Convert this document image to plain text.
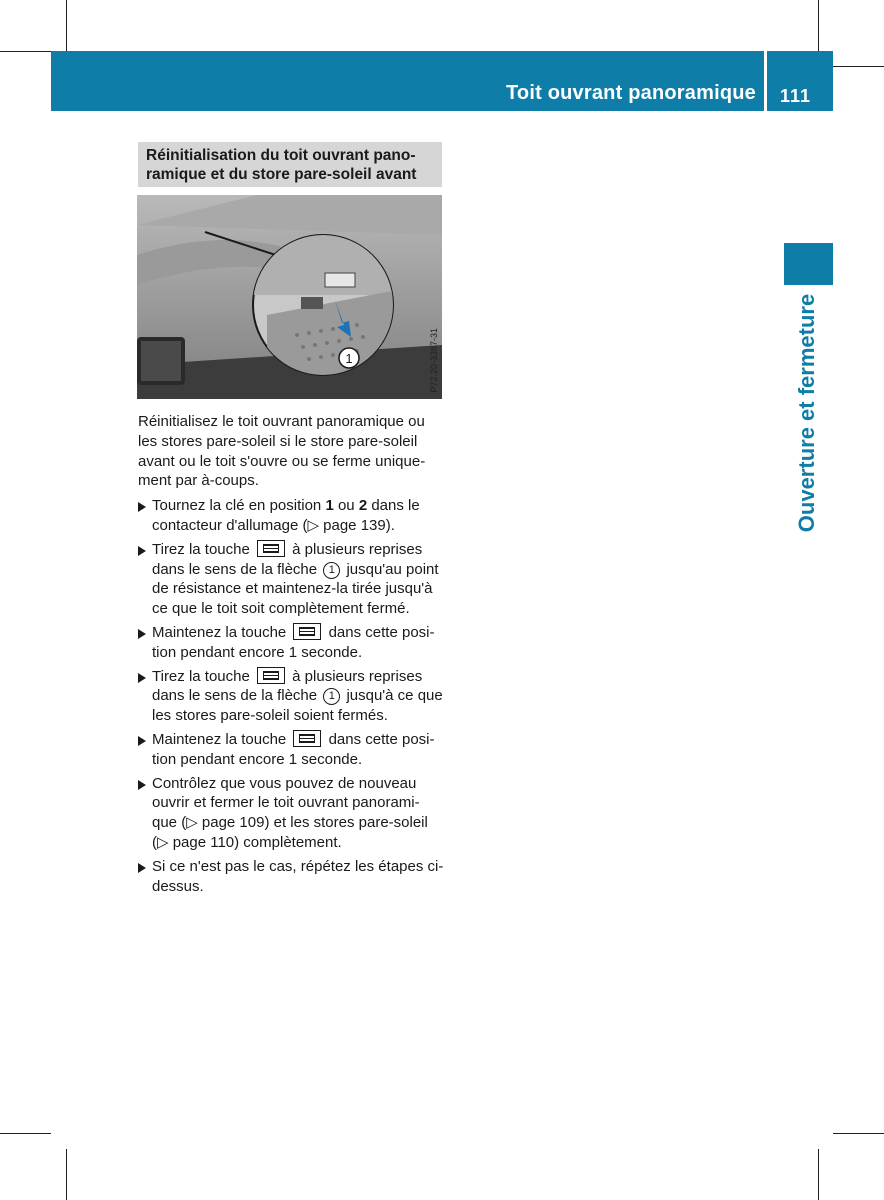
Toit ouvrant panoramique 111
Ouverture et fermeture
Réinitialisation du toit ouvrant pano-ramique et du store pare-soleil avant
1	P72.20-3387-31

Réinitialisez le toit ouvrant panoramique ou les stores pare-soleil si le store pare-soleil avant ou le toit s'ouvre ou se ferme unique-ment par à-coups.

Tournez la clé en position 1 ou 2 dans le contacteur d'allumage (▷ page 139).
Tirez la touche  à plusieurs reprises dans le sens de la flèche 1 jusqu'au point de résistance et maintenez-la tirée jusqu'à ce que le toit soit complètement fermé.
Maintenez la touche  dans cette posi-tion pendant encore 1 seconde.
Tirez la touche  à plusieurs reprises dans le sens de la flèche 1 jusqu'à ce que les stores pare-soleil soient fermés.
Maintenez la touche  dans cette posi-tion pendant encore 1 seconde.
Contrôlez que vous pouvez de nouveau ouvrir et fermer le toit ouvrant panorami-que (▷ page 109) et les stores pare-soleil (▷ page 110) complètement.
Si ce n'est pas le cas, répétez les étapes ci-dessus.
